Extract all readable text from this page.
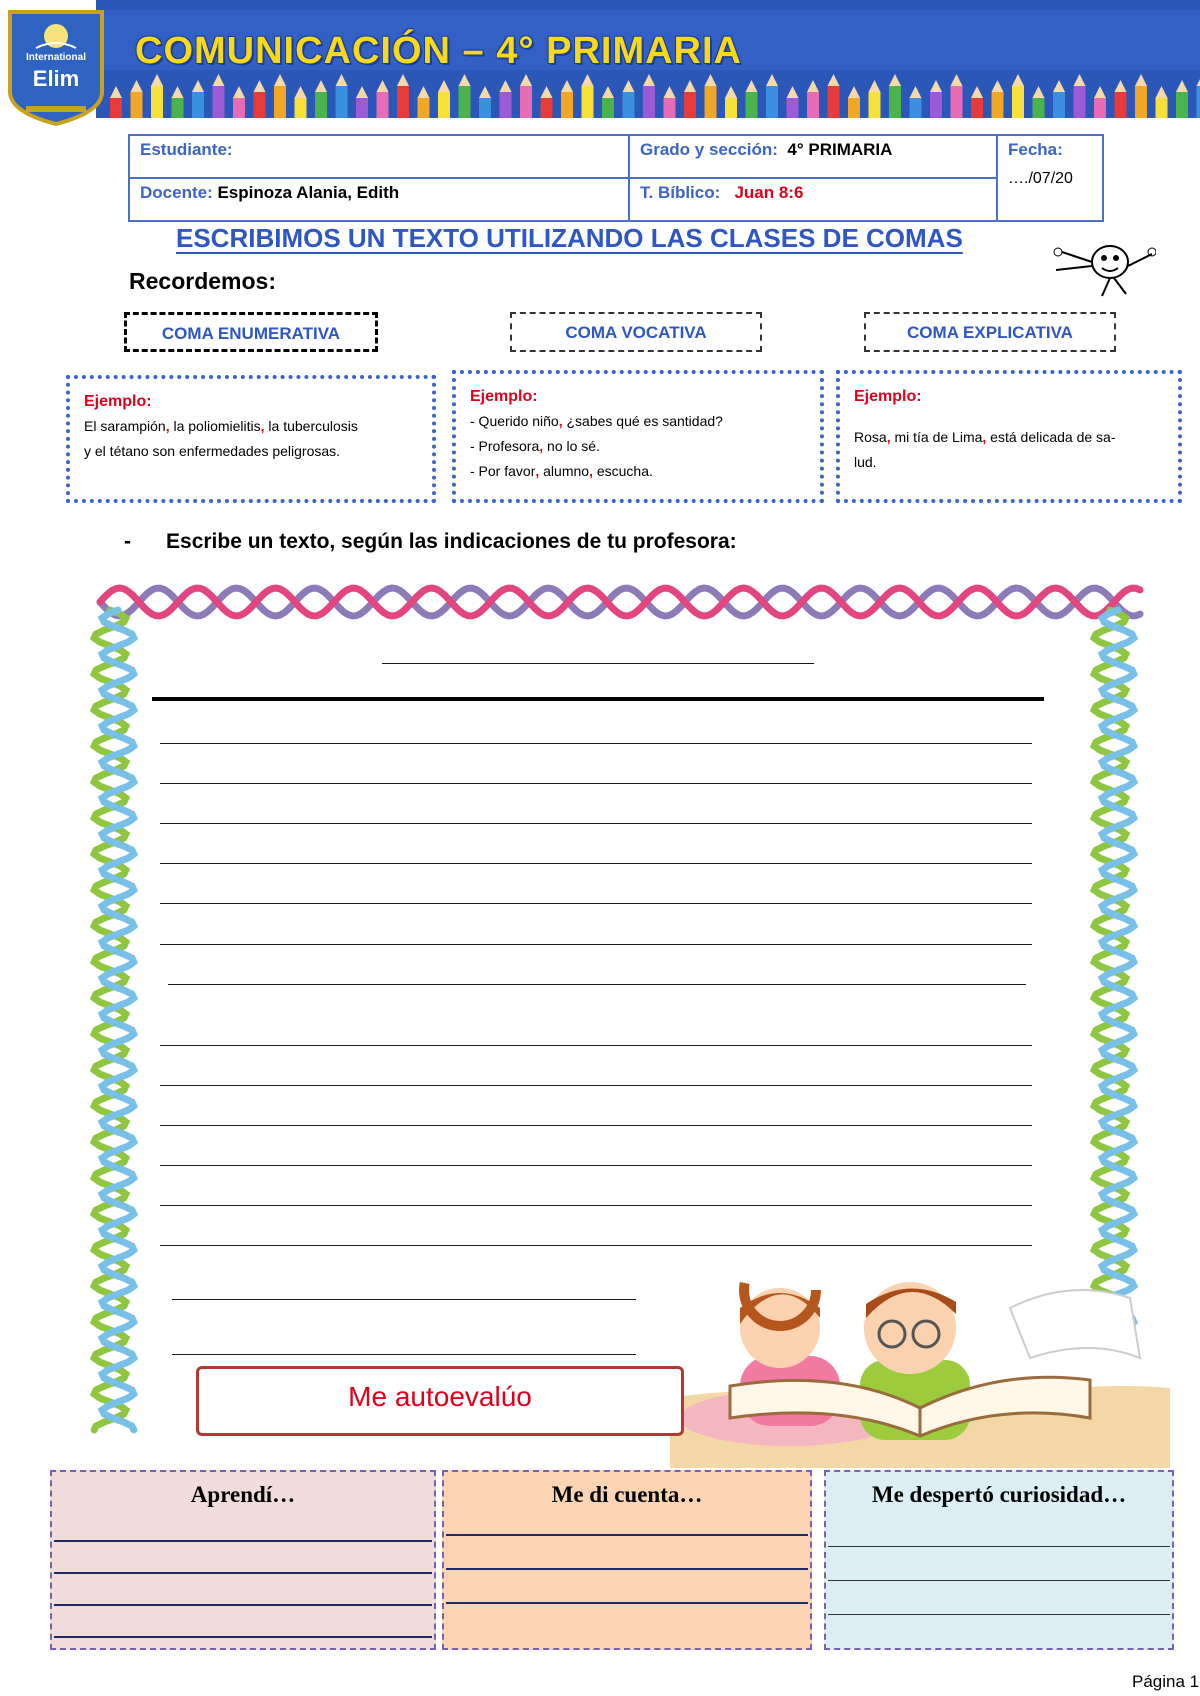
International
Elim
COMUNICACIÓN – 4° PRIMARIA
Estudiante:	Grado y sección: 4° PRIMARIA	Fecha:
…./07/20
Docente: Espinoza Alania, Edith	T. Bíblico: Juan 8:6
ESCRIBIMOS UN TEXTO UTILIZANDO LAS CLASES DE COMAS
Recordemos:
COMA ENUMERATIVA	COMA VOCATIVA	COMA EXPLICATIVA
Ejemplo:
El sarampión, la poliomielitis, la tuberculosis
y el tétano son enfermedades peligrosas.
Ejemplo:
- Querido niño, ¿sabes qué es santidad?
- Profesora, no lo sé.
- Por favor, alumno, escucha.
Ejemplo:
Rosa, mi tía de Lima, está delicada de sa-
lud.
- Escribe un texto, según las indicaciones de tu profesora:
Me autoevalúo
Aprendí…	Me di cuenta…	Me despertó curiosidad…
Página 1
